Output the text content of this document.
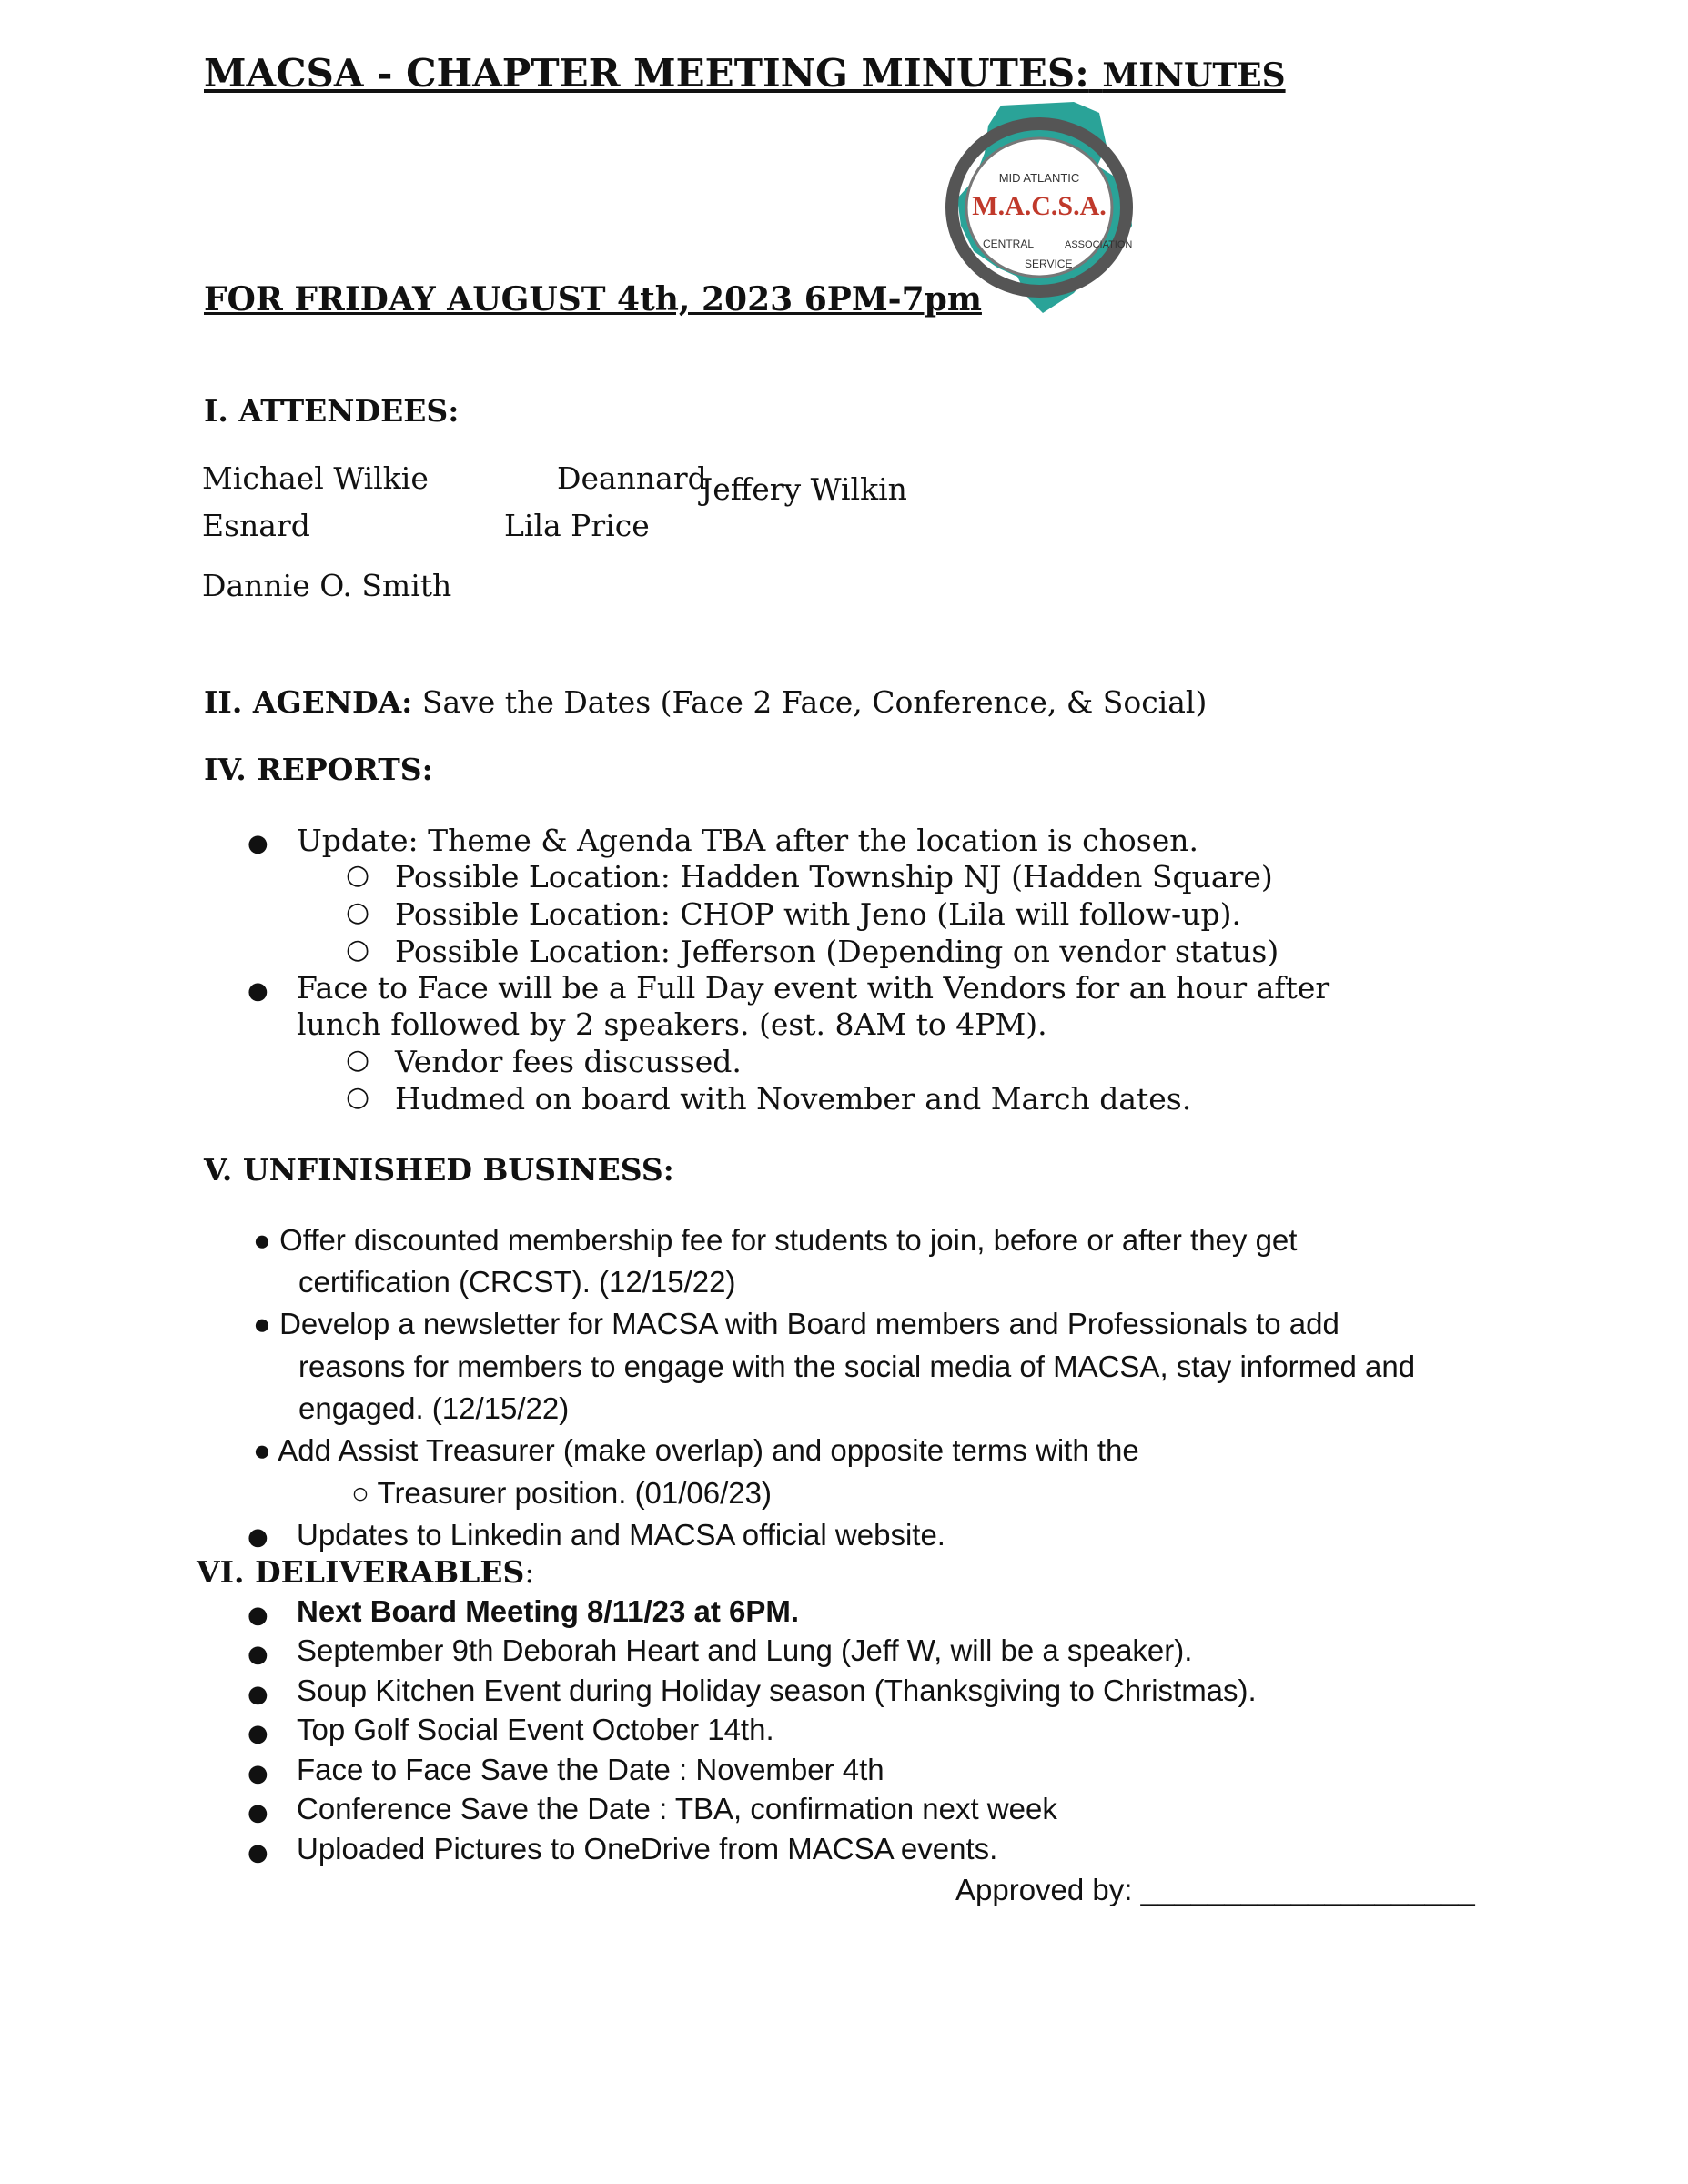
MACSA - CHAPTER MEETING MINUTES: MINUTES
MID ATLANTIC
M.A.C.S.A.
CENTRAL
SERVICE
ASSOCIATION
FOR FRIDAY AUGUST 4th, 2023 6PM-7pm
I. ATTENDEES:
Michael Wilkie	Deannard
Jeffery Wilkin
Esnard	Lila Price
Dannie O. Smith
II. AGENDA: Save the Dates (Face 2 Face, Conference, & Social)
IV. REPORTS:
● Update: Theme & Agenda TBA after the location is chosen.
○ Possible Location: Hadden Township NJ (Hadden Square)
○ Possible Location: CHOP with Jeno (Lila will follow-up).
○ Possible Location: Jefferson (Depending on vendor status)
● Face to Face will be a Full Day event with Vendors for an hour after
lunch followed by 2 speakers. (est. 8AM to 4PM).
○ Vendor fees discussed.
○ Hudmed on board with November and March dates.
V. UNFINISHED BUSINESS:
● Offer discounted membership fee for students to join, before or after they get
certification (CRCST). (12/15/22)
● Develop a newsletter for MACSA with Board members and Professionals to add
reasons for members to engage with the social media of MACSA, stay informed and
engaged. (12/15/22)
● Add Assist Treasurer (make overlap) and opposite terms with the
○ Treasurer position. (01/06/23)
● Updates to Linkedin and MACSA official website.
VI. DELIVERABLES:
● Next Board Meeting 8/11/23 at 6PM.
● September 9th Deborah Heart and Lung (Jeff W, will be a speaker).
● Soup Kitchen Event during Holiday season (Thanksgiving to Christmas).
● Top Golf Social Event October 14th.
● Face to Face Save the Date : November 4th
● Conference Save the Date : TBA, confirmation next week
● Uploaded Pictures to OneDrive from MACSA events.
Approved by: ____________________
